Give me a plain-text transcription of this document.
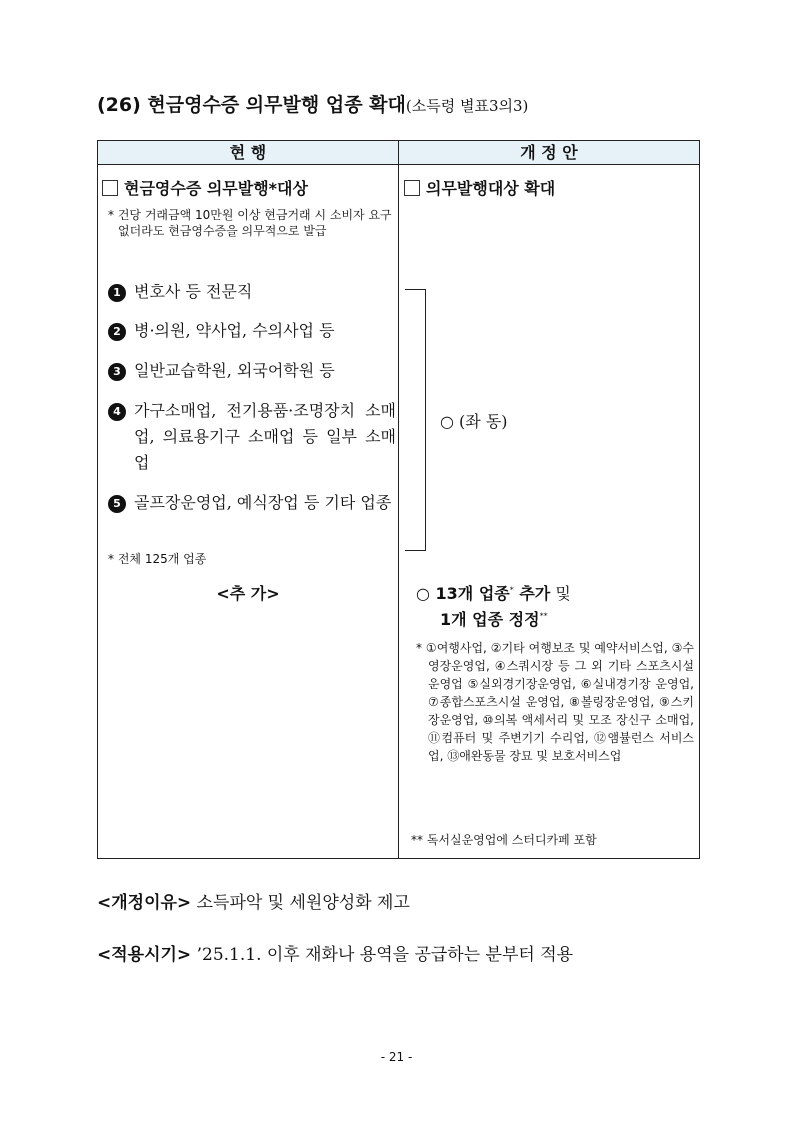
(26) 현금영수증 의무발행 업종 확대(소득령 별표3의3)
현 행	개 정 안
현금영수증 의무발행*대상
* 건당 거래금액 10만원 이상 현금거래 시 소비자 요구 없더라도 현금영수증을 의무적으로 발급
1 변호사 등 전문직
2 병·의원, 약사업, 수의사업 등
3 일반교습학원, 외국어학원 등
4 가구소매업, 전기용품·조명장치 소매업, 의료용기구 소매업 등 일부 소매업
5 골프장운영업, 예식장업 등 기타 업종
* 전체 125개 업종
<추 가>
의무발행대상 확대
○ (좌 동)
○ 13개 업종* 추가 및
1개 업종 정정**
* ①여행사업, ②기타 여행보조 및 예약서비스업, ③수영장운영업, ④스쿼시장 등 그 외 기타 스포츠시설 운영업 ⑤실외경기장운영업, ⑥실내경기장 운영업, ⑦종합스포츠시설 운영업, ⑧볼링장운영업, ⑨스키장운영업, ⑩의복 액세서리 및 모조 장신구 소매업, ⑪컴퓨터 및 주변기기 수리업, ⑫앰뷸런스 서비스업, ⑬애완동물 장묘 및 보호서비스업
** 독서실운영업에 스터디카페 포함
<개정이유> 소득파악 및 세원양성화 제고
<적용시기> ’25.1.1. 이후 재화나 용역을 공급하는 분부터 적용
- 21 -
